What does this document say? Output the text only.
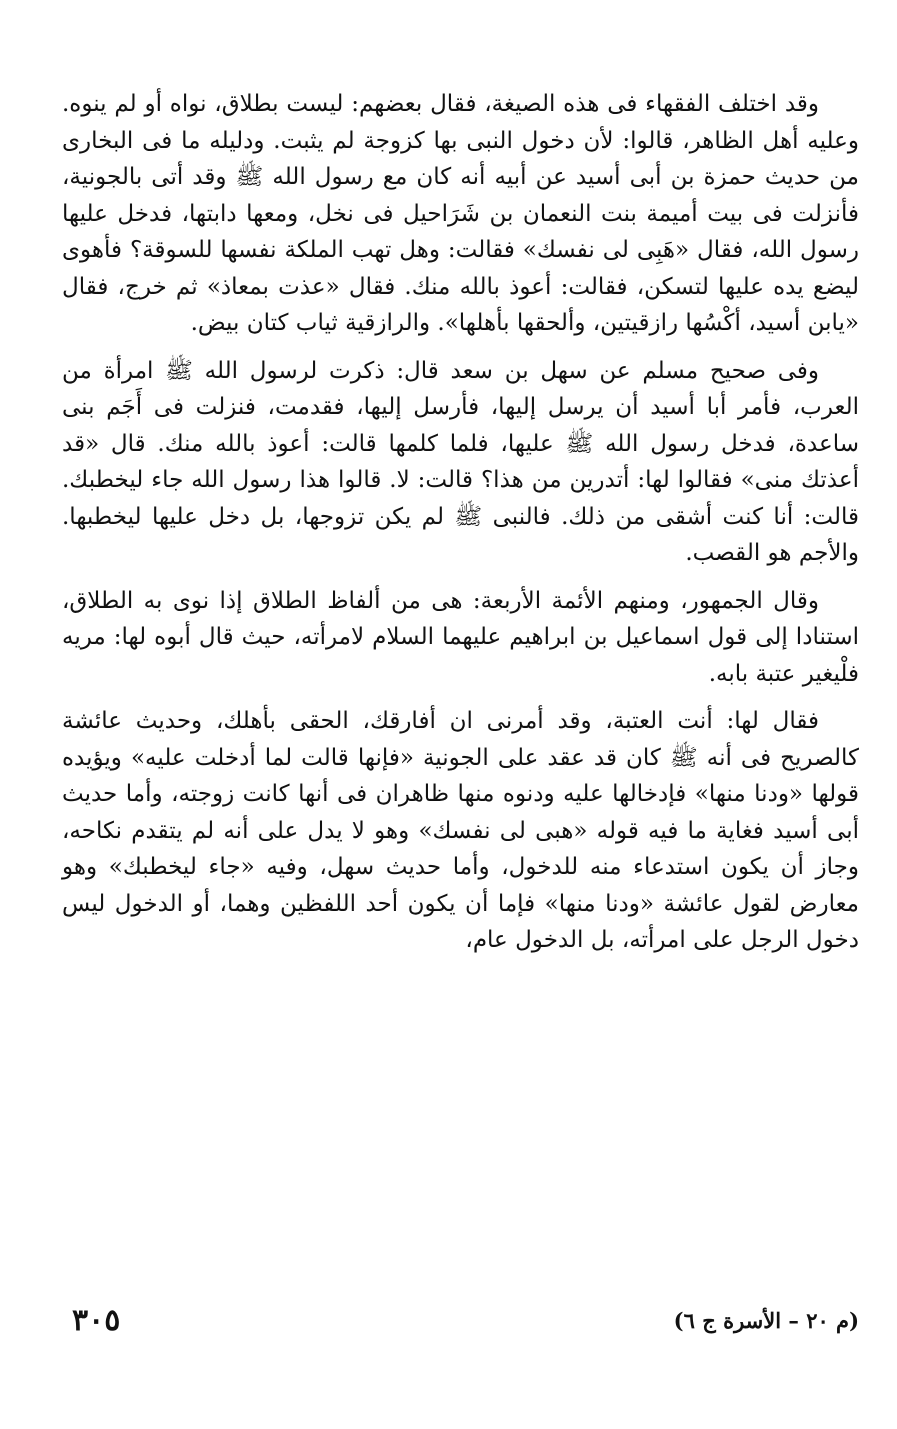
وقد اختلف الفقهاء فى هذه الصيغة، فقال بعضهم: ليست بطلاق، نواه أو لم ينوه. وعليه أهل الظاهر، قالوا: لأن دخول النبى بها كزوجة لم يثبت. ودليله ما فى البخارى من حديث حمزة بن أبى أسيد عن أبيه أنه كان مع رسول الله ﷺ وقد أتى بالجونية، فأنزلت فى بيت أميمة بنت النعمان بن شَرَاحيل فى نخل، ومعها دابتها، فدخل عليها رسول الله، فقال «هَبِى لى نفسك» فقالت: وهل تهب الملكة نفسها للسوقة؟ فأهوى ليضع يده عليها لتسكن، فقالت: أعوذ بالله منك. فقال «عذت بمعاذ» ثم خرج، فقال «يابن أسيد، أكْسُها رازقيتين، وألحقها بأهلها». والرازقية ثياب كتان بيض.

وفى صحيح مسلم عن سهل بن سعد قال: ذكرت لرسول الله ﷺ امرأة من العرب، فأمر أبا أسيد أن يرسل إليها، فأرسل إليها، فقدمت، فنزلت فى أَجَم بنى ساعدة، فدخل رسول الله ﷺ عليها، فلما كلمها قالت: أعوذ بالله منك. قال «قد أعذتك منى» فقالوا لها: أتدرين من هذا؟ قالت: لا. قالوا هذا رسول الله جاء ليخطبك. قالت: أنا كنت أشقى من ذلك. فالنبى ﷺ لم يكن تزوجها، بل دخل عليها ليخطبها. والأجم هو القصب.

وقال الجمهور، ومنهم الأئمة الأربعة: هى من ألفاظ الطلاق إذا نوى به الطلاق، استنادا إلى قول اسماعيل بن ابراهيم عليهما السلام لامرأته، حيث قال أبوه لها: مريه فلْيغير عتبة بابه.

فقال لها: أنت العتبة، وقد أمرنى ان أفارقك، الحقى بأهلك، وحديث عائشة كالصريح فى أنه ﷺ كان قد عقد على الجونية «فإنها قالت لما أدخلت عليه» ويؤيده قولها «ودنا منها» فإدخالها عليه ودنوه منها ظاهران فى أنها كانت زوجته، وأما حديث أبى أسيد فغاية ما فيه قوله «هبى لى نفسك» وهو لا يدل على أنه لم يتقدم نكاحه، وجاز أن يكون استدعاء منه للدخول، وأما حديث سهل، وفيه «جاء ليخطبك» وهو معارض لقول عائشة «ودنا منها» فإما أن يكون أحد اللفظين وهما، أو الدخول ليس دخول الرجل على امرأته، بل الدخول عام،

(م ٢٠ – الأسرة ج ٦)
٣٠٥
